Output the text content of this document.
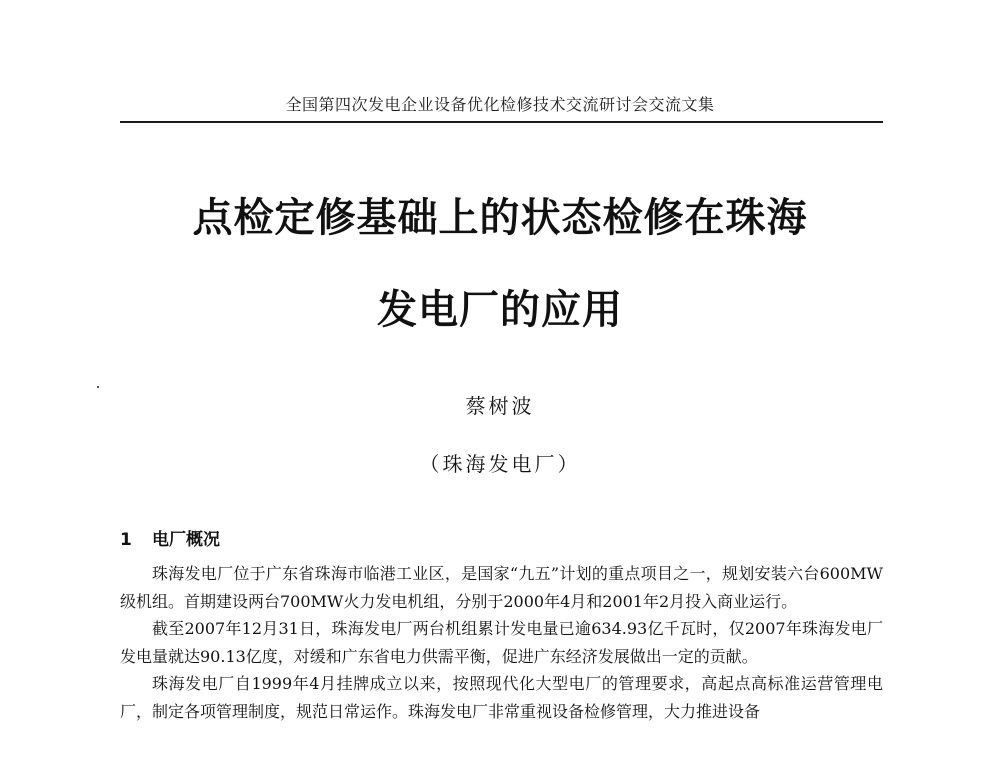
全国第四次发电企业设备优化检修技术交流研讨会交流文集
点检定修基础上的状态检修在珠海
发电厂的应用
蔡树波
（珠海发电厂）
1 电厂概况

珠海发电厂位于广东省珠海市临港工业区，是国家“九五”计划的重点项目之一，规划安装六台600MW级机组。首期建设两台700MW火力发电机组，分别于2000年4月和2001年2月投入商业运行。

截至2007年12月31日，珠海发电厂两台机组累计发电量已逾634.93亿千瓦时，仅2007年珠海发电厂发电量就达90.13亿度，对缓和广东省电力供需平衡，促进广东经济发展做出一定的贡献。

珠海发电厂自1999年4月挂牌成立以来，按照现代化大型电厂的管理要求，高起点高标准运营管理电厂，制定各项管理制度，规范日常运作。珠海发电厂非常重视设备检修管理，大力推进设备
